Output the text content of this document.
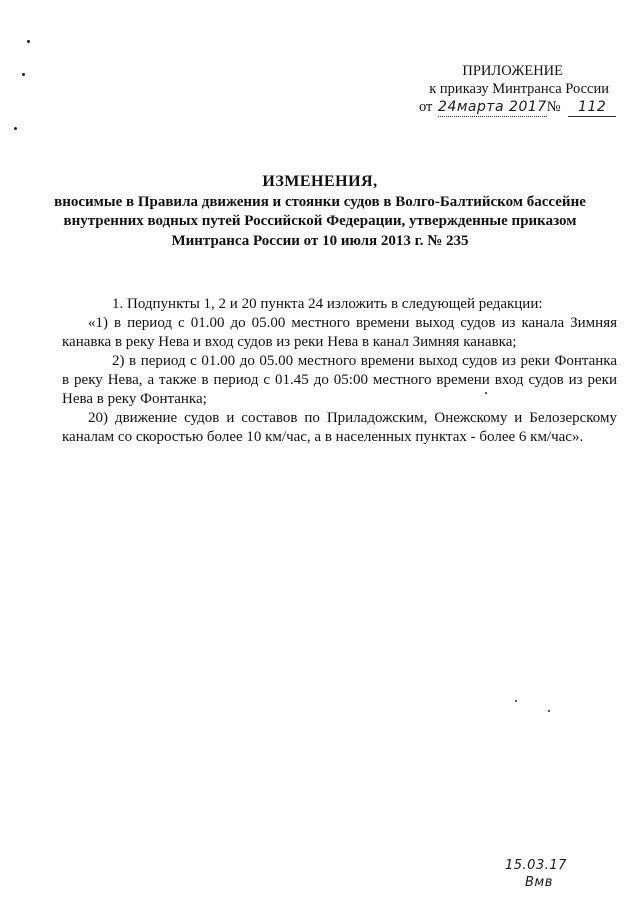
ПРИЛОЖЕНИЕ
к приказу Минтранса России
от 24марта 2017№ 112
ИЗМЕНЕНИЯ,
вносимые в Правила движения и стоянки судов в Волго-Балтийском бассейне
внутренних водных путей Российской Федерации, утвержденные приказом
Минтранса России от 10 июля 2013 г. № 235

1. Подпункты 1, 2 и 20 пункта 24 изложить в следующей редакции:

«1) в период с 01.00 до 05.00 местного времени выход судов из канала Зимняя канавка в реку Нева и вход судов из реки Нева в канал Зимняя канавка;

2) в период с 01.00 до 05.00 местного времени выход судов из реки Фонтанка в реку Нева, а также в период с 01.45 до 05:00 местного времени вход судов из реки Нева в реку Фонтанка;

20) движение судов и составов по Приладожским, Онежскому и Белозерскому каналам со скоростью более 10 км/час, а в населенных пунктах - более 6 км/час».

15.03.17
Вмв
